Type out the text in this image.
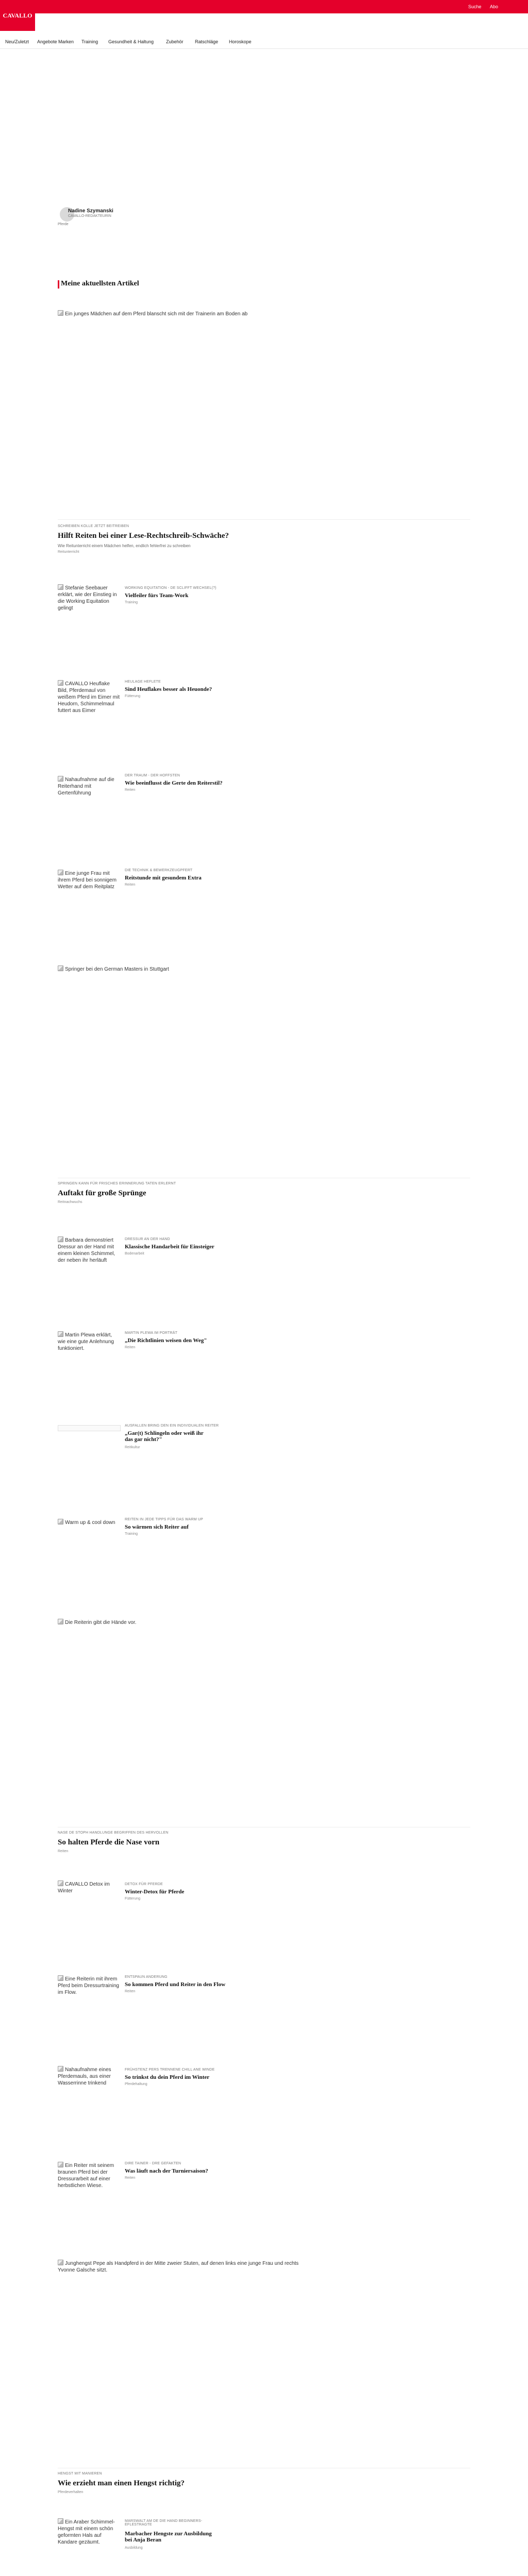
Suche Abo
CAVALLO
Neu/Zuletzt Angebote Marken Training Gesundheit & Haltung	Zubehör Ratschläge Horoskope
Nadine Szymanski
CAVALLO-REDAKTEURIN
Pferde
Meine aktuellsten Artikel
Ein junges Mädchen auf dem Pferd blanscht sich mit der Trainerin am Boden ab
SCHREIBEN KOLLE JETZT BEITREIBEN
Hilft Reiten bei einer Lese-Rechtschreib-Schwäche?
Wie Reitunterricht einem Mädchen helfen, endlich fehlerfrei zu schreiben
Reitunterricht
Stefanie Seebauer erklärt, wie der Einstieg in die Working Equitation gelingt
WORKING EQUITATION - DE SCLIFFT WECHSEL(?)
Vielfeiler fürs Team-Work
Training
CAVALLO Heuflake Bild, Pferdemaul von weißem Pferd im Eimer mit Heudorn, Schimmelmaul futtert aus Eimer
HEULAGE HEFLETE
Sind Heuflakes besser als Heuonde?
Fütterung
Nahaufnahme auf die Reiterhand mit Gertenführung
DER TRAUM - DER HOFFSTEN
Wie beeinflusst die Gerte den Reiterstil?
Reiten
Eine junge Frau mit ihrem Pferd bei sonnigem Wetter auf dem Reitplatz
DIE TECHNIK & BEWERKZEUGPFERT
Reitstunde mit gesundem Extra
Reiten
Springer bei den German Masters in Stuttgart
SPRINGEN KANN FÜR FRISCHES ERINNERUNG TATEN ERLERNT
Auftakt für große Sprünge
Reitnachwuchs
Barbara demonstriert Dressur an der Hand mit einem kleinen Schimmel, der neben ihr herläuft
DRESSUR AN DER HAND
Klassische Handarbeit für Einsteiger
Bodenarbeit
Martin Plewa erklärt, wie eine gute Anlehnung funktioniert.
MARTIN PLEWA IM PORTRÄT
„Die Richtlinien weisen den Weg"
Reiten
AUSFALLEN BRING DEN EIN INDIVIDUALEN REITER
„Gar(t) Schlingeln oder weiß ihr das gar nicht?"
Reitkultur
Warm up & cool down
REITEN IN JEDE TIPPS FÜR DAS WARM UP
So wärmen sich Reiter auf
Training
Die Reiterin gibt die Hände vor.
NASE DE STOPH HANDLUNGE BEGRIFFEN DES HERVOLLEN
So halten Pferde die Nase vorn
Reiten
CAVALLO Detox im Winter
DETOX FÜR PFERDE
Winter-Detox für Pferde
Fütterung
Eine Reiterin mit ihrem Pferd beim Dressurtraining im Flow.
ENTSPAUN ANDERUNG
So kommen Pferd und Reiter in den Flow
Reiten
Nahaufnahme eines Pferdemauls, aus einer Wasserrinne trinkend
FRÜHSTENZ PERS TRENNENE CHILL ANE WINDE
So trinkst du dein Pferd im Winter
Pferdehaltung
Ein Reiter mit seinem braunen Pferd bei der Dressurarbeit auf einer herbstlichen Wiese.
DIRE TAINER - DRE GEFAKTEN
Was läuft nach der Turniersaison?
Reiten
Junghengst Pepe als Handpferd in der Mitte zweier Stuten, auf denen links eine junge Frau und rechts Yvonne Galsche sitzt.
HENGST MIT MANIEREN
Wie erzieht man einen Hengst richtig?
Pferdeverhalten
Ein Araber Schimmel-Hengst mit einem schön geformten Hals auf Kandare gezäumt.
MARSWALT AM DE DIE HAND BEGINNERS-EFLESTRAGTE
Marbacher Hengste zur Ausbildung bei Anja Beran
Ausbildung
